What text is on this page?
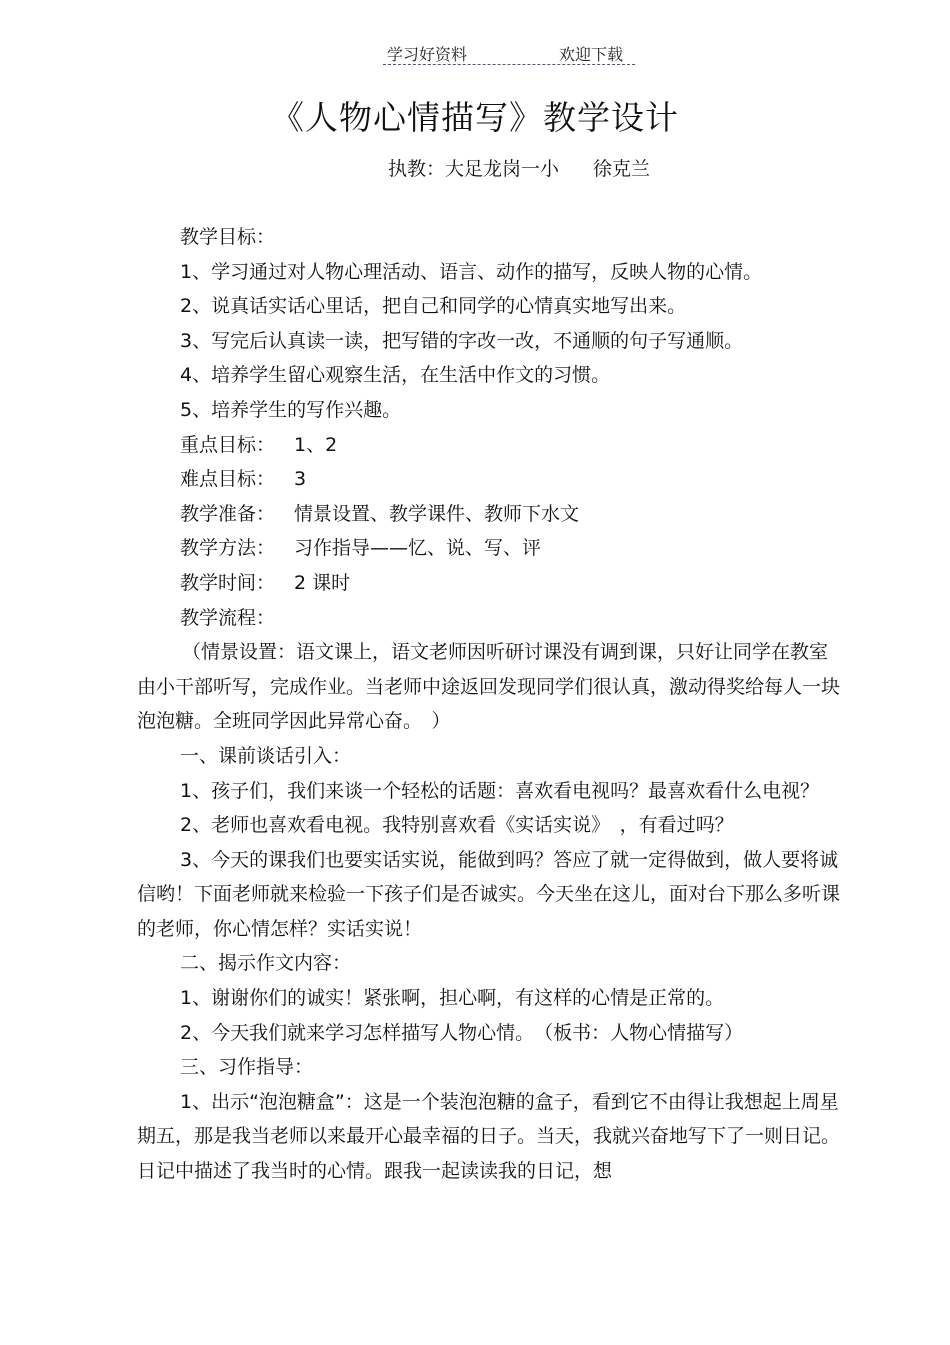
学习好资料	欢迎下载
《人物心情描写》教学设计
执教：大足龙岗一小 徐克兰

教学目标：

1、学习通过对人物心理活动、语言、动作的描写，反映人物的心情。

2、说真话实话心里话，把自己和同学的心情真实地写出来。

3、写完后认真读一读，把写错的字改一改，不通顺的句子写通顺。

4、培养学生留心观察生活，在生活中作文的习惯。

5、培养学生的写作兴趣。

重点目标： 1、2

难点目标： 3

教学准备： 情景设置、教学课件、教师下水文

教学方法： 习作指导——忆、说、写、评

教学时间： 2 课时

教学流程：

（情景设置：语文课上，语文老师因听研讨课没有调到课，只好让同学在教室由小干部听写，完成作业。当老师中途返回发现同学们很认真，激动得奖给每人一块泡泡糖。全班同学因此异常心奋。　）

一、课前谈话引入：

1、孩子们，我们来谈一个轻松的话题：喜欢看电视吗？最喜欢看什么电视？

2、老师也喜欢看电视。我特别喜欢看《实话实说》　，有看过吗？

3、今天的课我们也要实话实说，能做到吗？答应了就一定得做到，做人要将诚信哟！下面老师就来检验一下孩子们是否诚实。今天坐在这儿，面对台下那么多听课的老师，你心情怎样？实话实说！

二、揭示作文内容：

1、谢谢你们的诚实！紧张啊，担心啊，有这样的心情是正常的。

2、今天我们就来学习怎样描写人物心情。　（板书：人物心情描写）

三、习作指导：

1、出示“泡泡糖盒”：这是一个装泡泡糖的盒子，看到它不由得让我想起上周星期五，那是我当老师以来最开心最幸福的日子。当天，我就兴奋地写下了一则日记。日记中描述了我当时的心情。跟我一起读读我的日记，想
